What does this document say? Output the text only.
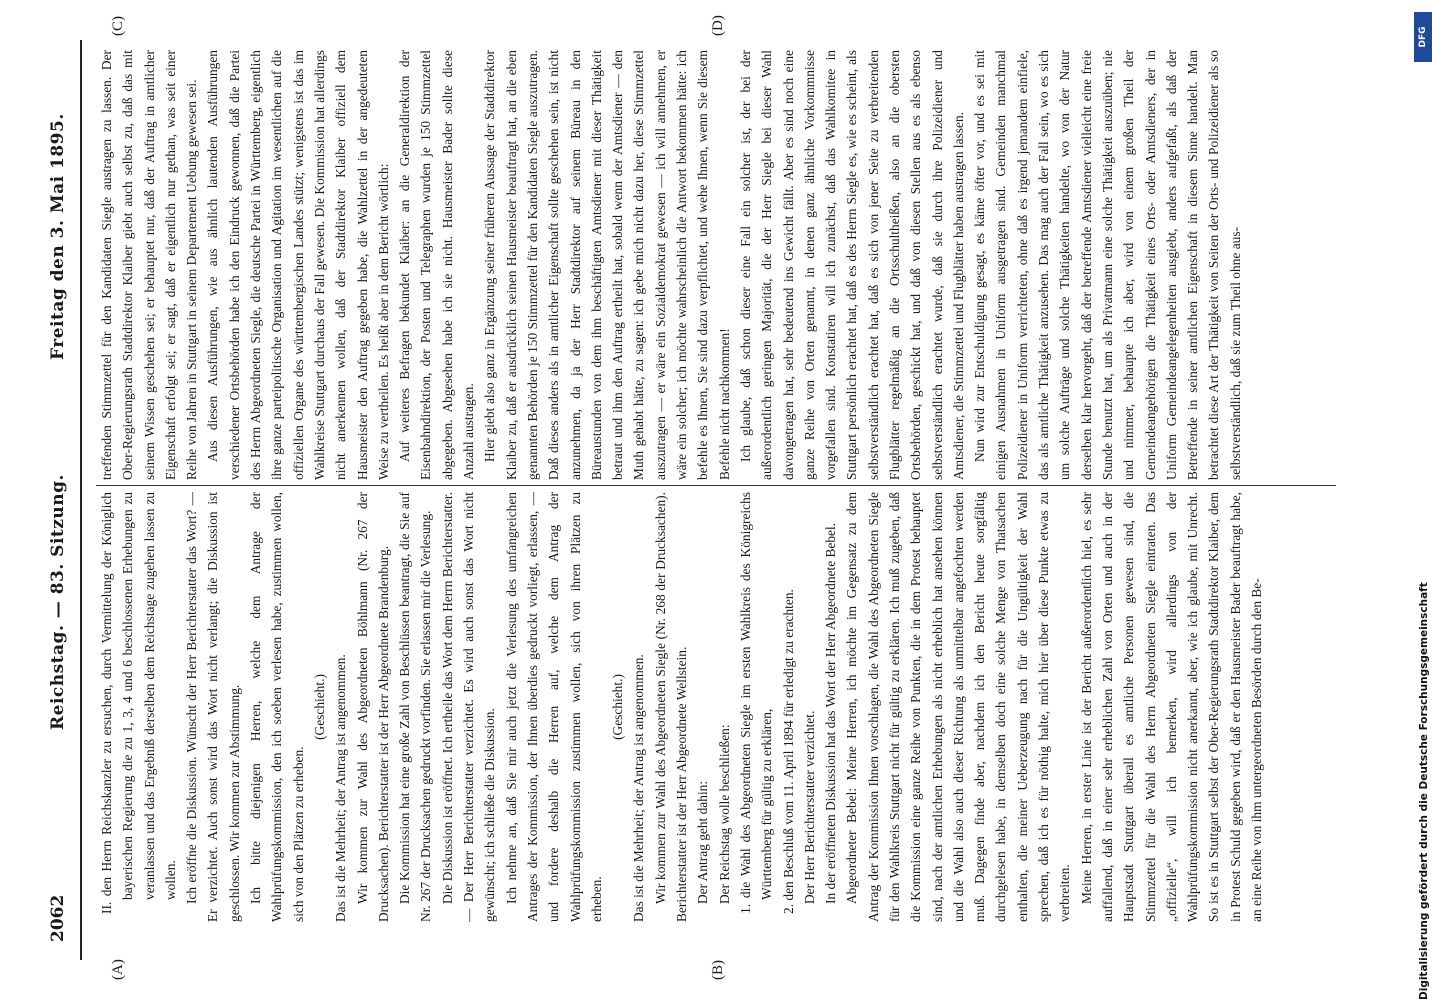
2062
Reichstag. — 83. Sitzung.
Freitag den 3. Mai 1895.
(A)	(B)
(C)	(D)

II. den Herrn Reichskanzler zu ersuchen, durch Vermittelung der Königlich bayerischen Regierung die zu 1, 3, 4 und 6 beschlossenen Erhebungen zu veranlassen und das Ergebniß derselben dem Reichstage zugehen lassen zu wollen. Ich eröffne die Diskussion. Wünscht der Herr Berichterstatter das Wort? — Er verzichtet. Auch sonst wird das Wort nicht verlangt; die Diskussion ist geschlossen. Wir kommen zur Abstimmung. Ich bitte diejenigen Herren, welche dem Antrage der Wahlprüfungskommission, den ich soeben verlesen habe, zustimmen wollen, sich von den Plätzen zu erheben.

(Geschieht.) Das ist die Mehrheit; der Antrag ist angenommen. Wir kommen zur Wahl des Abgeordneten Böhlmann (Nr. 267 der Drucksachen). Berichterstatter ist der Herr Abgeordnete Brandenburg. Die Kommission hat eine große Zahl von Beschlüssen beantragt, die Sie auf Nr. 267 der Drucksachen gedruckt vorfinden. Sie erlassen mir die Verlesung. Die Diskussion ist eröffnet. Ich ertheile das Wort dem Herrn Berichterstatter. — Der Herr Berichterstatter verzichtet. Es wird auch sonst das Wort nicht gewünscht; ich schließe die Diskussion. Ich nehme an, daß Sie mir auch jetzt die Verlesung des umfangreichen Antrages der Kommission, der Ihnen überdies gedruckt vorliegt, erlassen, — und fordere deshalb die Herren auf, welche dem Antrag der Wahlprüfungskommission zustimmen wollen, sich von ihren Plätzen zu erheben.

(Geschieht.) Das ist die Mehrheit; der Antrag ist angenommen. Wir kommen zur Wahl des Abgeordneten Siegle (Nr. 268 der Drucksachen). Berichterstatter ist der Herr Abgeordnete Wellstein. Der Antrag geht dahin: Der Reichstag wolle beschließen: 1. die Wahl des Abgeordneten Siegle im ersten Wahlkreis des Königreichs Württemberg für gültig zu erklären, 2. den Beschluß vom 11. April 1894 für erledigt zu erachten. Der Herr Berichterstatter verzichtet. In der eröffneten Diskussion hat das Wort der Herr Abgeordnete Bebel. Abgeordneter Bebel: Meine Herren, ich möchte im Gegensatz zu dem Antrag der Kommission Ihnen vorschlagen, die Wahl des Abgeordneten Siegle für den Wahlkreis Stuttgart nicht für gültig zu erklären. Ich muß zugeben, daß die Kommission eine ganze Reihe von Punkten, die in dem Protest behauptet sind, nach der amtlichen Erhebungen als nicht erheblich hat ansehen können und die Wahl also auch dieser Richtung als unmittelbar angefochten werden muß. Dagegen finde aber, nachdem ich den Bericht heute sorgfältig durchgelesen habe, in demselben doch eine solche Menge von Thatsachen enthalten, die meiner Ueberzeugung nach für die Ungültigkeit der Wahl sprechen, daß ich es für nöthig halte, mich hier über diese Punkte etwas zu verbreiten. Meine Herren, in erster Linie ist der Bericht außerordentlich hiel, es sehr auffallend, daß in einer sehr erheblichen Zahl von Orten und auch in der Hauptstadt Stuttgart überall es amtliche Personen gewesen sind, die Stimmzettel für die Wahl des Herrn Abgeordneten Siegle eintraten. Das „offizielle“, will ich bemerken, wird allerdings von der Wahlprüfungskommission nicht anerkannt, aber, wie ich glaube, mit Unrecht. So ist es in Stuttgart selbst der Ober-Regierungsrath Stadtdirektor Klaiber, dem in Protest Schuld gegeben wird, daß er den Hausmeister Bader beauftragt habe, an eine Reihe von ihm untergeordneten Besörden durch den Be-

treffenden Stimmzettel für den Kandidaten Siegle austragen zu lassen. Der Ober-Regierungsrath Stadtdirektor Klaiber giebt auch selbst zu, daß das mit seinem Wissen geschehen sei; er behauptet nur, daß der Auftrag in amtlicher Eigenschaft erfolgt sei; er sagt, daß er eigentlich nur gethan, was seit einer Reihe von Jahren in Stuttgart in seinem Departement Uebung gewesen sei. Aus diesen Ausführungen, wie aus ähnlich lautenden Ausführungen verschiedener Ortsbehörden habe ich den Eindruck gewonnen, daß die Partei des Herrn Abgeordneten Siegle, die deutsche Partei in Württemberg, eigentlich ihre ganze parteipolitische Organisation und Agitation im wesentlichen auf die offiziellen Organe des württembergischen Landes stützt; wenigstens ist das im Wahlkreise Stuttgart durchaus der Fall gewesen. Die Kommission hat allerdings nicht anerkennen wollen, daß der Stadtdirektor Klaiber offiziell dem Hausmeister den Auftrag gegeben habe, die Wahlzettel in der angedeuteten Weise zu vertheilen. Es heißt aber in dem Bericht wörtlich: Auf weiteres Befragen bekundet Klaiber: an die Generaldirektion der Eisenbahndirektion, der Posten und Telegraphen wurden je 150 Stimmzettel abgegeben. Abgesehen habe ich sie nicht. Hausmeister Bader sollte diese Anzahl austragen. Hier giebt also ganz in Ergänzung seiner früheren Aussage der Stadtdirektor Klaiber zu, daß er ausdrücklich seinen Hausmeister beauftragt hat, an die eben genannten Behörden je 150 Stimmzettel für den Kandidaten Siegle auszutragen. Daß dieses anders als in amtlicher Eigenschaft sollte geschehen sein, ist nicht anzunehmen, da ja der Herr Stadtdirektor auf seinem Büreau in den Büreaustunden von dem ihm beschäftigten Amtsdiener mit dieser Thätigkeit betraut und ihm den Auftrag ertheilt hat, sobald wenn der Amtsdiener — den Muth gehabt hätte, zu sagen: ich gebe mich nicht dazu her, diese Stimmzettel auszutragen — er wäre ein Sozialdemokrat gewesen — ich will annehmen, er wäre ein solcher; ich möchte wahrscheinlich die Antwort bekommen hätte: ich befehle es Ihnen, Sie sind dazu verpflichtet, und wehe Ihnen, wenn Sie diesem Befehle nicht nachkommen! Ich glaube, daß schon dieser eine Fall ein solcher ist, der bei der außerordentlich geringen Majorität, die der Herr Siegle bei dieser Wahl davongetragen hat, sehr bedeutend ins Gewicht fällt. Aber es sind noch eine ganze Reihe von Orten genannt, in denen ganz ähnliche Vorkommnisse vorgefallen sind. Konstatiren will ich zunächst, daß das Wahlkomitee in Stuttgart persönlich erachtet hat, daß es des Herrn Siegle es, wie es scheint, als selbstverständlich erachtet hat, daß es sich von jener Seite zu verbreitenden Flugblätter regelmäßig an die Ortsschultheißen, also an die obersten Ortsbehörden, geschickt hat, und daß von diesen Stellen aus es als ebenso selbstverständlich erachtet wurde, daß sie durch ihre Polizeidiener und Amtsdiener, die Stimmzettel und Flugblätter haben austragen lassen. Nun wird zur Entschuldigung gesagt, es käme öfter vor, und es sei mit einigen Ausnahmen in Uniform ausgetragen sind. Gemeinden manchmal Polizeidiener in Uniform verrichteten, ohne daß es irgend jemandem einfiele, das als amtliche Thätigkeit anzusehen. Das mag auch der Fall sein, wo es sich um solche Aufträge und solche Thätigkeiten handelte, wo von der Natur derselben klar hervorgeht, daß der betreffende Amtsdiener vielleicht eine freie Stunde benutzt hat, um als Privatmann eine solche Thätigkeit auszuüben; nie und nimmer, behaupte ich aber, wird von einem großen Theil der Gemeindeangehörigen die Thätigkeit eines Orts- oder Amtsdieners, der in Uniform Gemeindeangelegenheiten ausgiebt, anders aufgefaßt, als daß der Betreffende in seiner amtlichen Eigenschaft in diesem Sinne handelt. Man betrachtet diese Art der Thätigkeit von Seiten der Orts- und Polizeidiener als so selbstverständlich, daß sie zum Theil ohne aus-

DFG
Digitalisierung gefördert durch die Deutsche Forschungsgemeinschaft
